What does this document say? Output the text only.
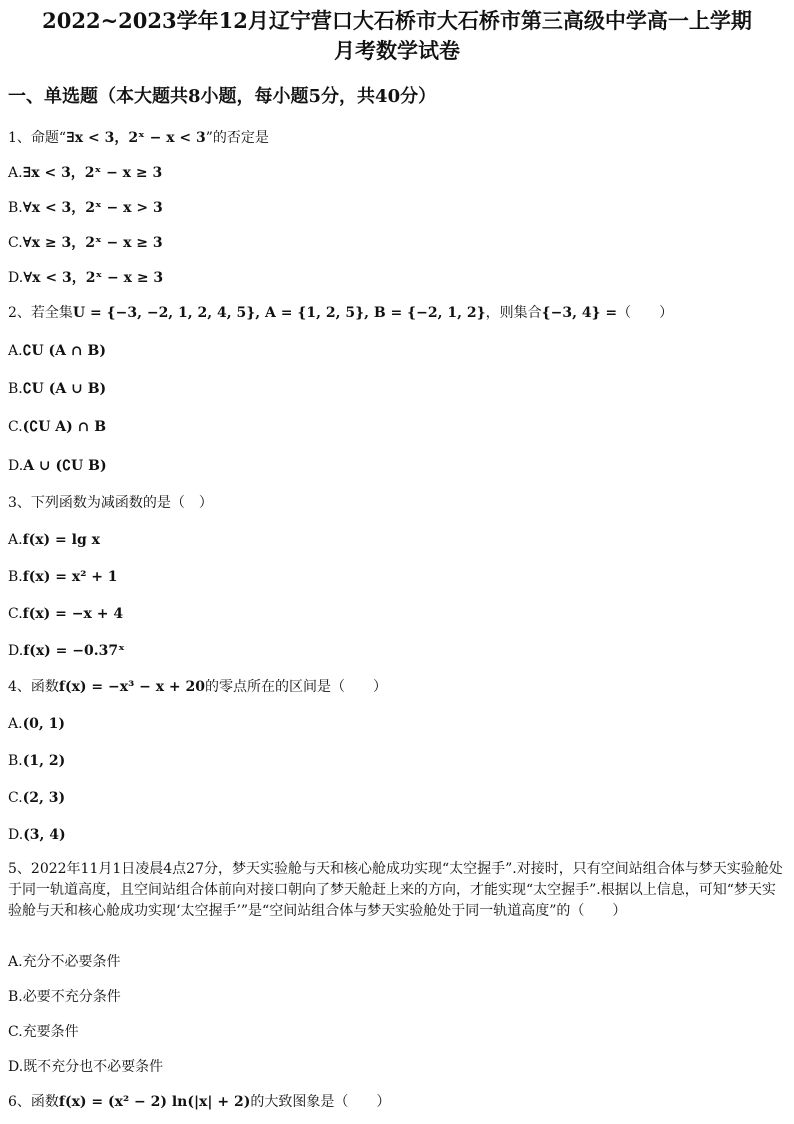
2022~2023学年12月辽宁营口大石桥市大石桥市第三高级中学高一上学期
月考数学试卷
一、单选题（本大题共8小题，每小题5分，共40分）
1、命题“∃x < 3，2ˣ − x < 3”的否定是
A.∃x < 3，2ˣ − x ≥ 3
B.∀x < 3，2ˣ − x > 3
C.∀x ≥ 3，2ˣ − x ≥ 3
D.∀x < 3，2ˣ − x ≥ 3
2、若全集U = {−3, −2, 1, 2, 4, 5}, A = {1, 2, 5}, B = {−2, 1, 2}，则集合{−3, 4} =（　　）
A.∁U (A ∩ B)
B.∁U (A ∪ B)
C.(∁U A) ∩ B
D.A ∪ (∁U B)
3、下列函数为减函数的是（　）
A.f(x) = lg x
B.f(x) = x² + 1
C.f(x) = −x + 4
D.f(x) = −0.37ˣ
4、函数f(x) = −x³ − x + 20的零点所在的区间是（　　）
A.(0, 1)
B.(1, 2)
C.(2, 3)
D.(3, 4)
5、2022年11月1日凌晨4点27分，梦天实验舱与天和核心舱成功实现“太空握手”.对接时，只有空间站组合体与梦天实验舱处于同一轨道高度，且空间站组合体前向对接口朝向了梦天舱赶上来的方向，才能实现“太空握手”.根据以上信息，可知“梦天实验舱与天和核心舱成功实现‘太空握手’”是“空间站组合体与梦天实验舱处于同一轨道高度”的（　　）
A.充分不必要条件
B.必要不充分条件
C.充要条件
D.既不充分也不必要条件
6、函数f(x) = (x² − 2) ln(|x| + 2)的大致图象是（　　）
